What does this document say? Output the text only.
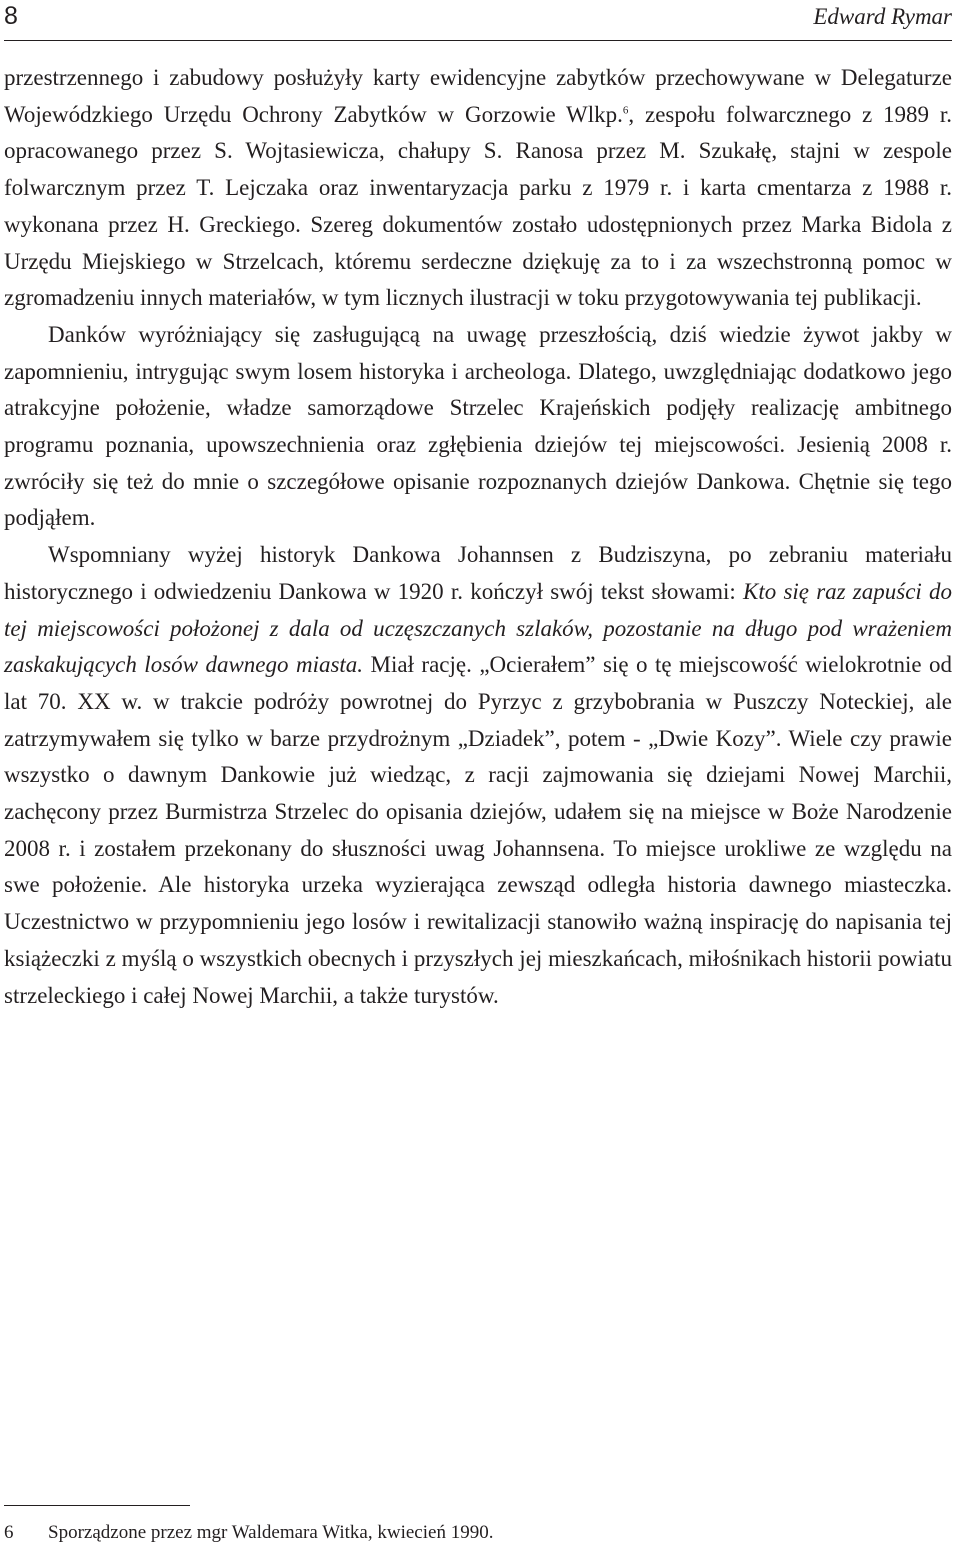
8	Edward Rymar

przestrzennego i zabudowy posłużyły karty ewidencyjne zabytków przechowywane w Delegaturze Wojewódzkiego Urzędu Ochrony Zabytków w Gorzowie Wlkp.$^6$, zespołu folwarcznego z 1989 r. opracowanego przez S. Wojtasiewicza, chałupy S. Ranosa przez M. Szukałę, stajni w zespole folwarcznym przez T. Lejczaka oraz inwentaryzacja parku z 1979 r. i karta cmentarza z 1988 r. wykonana przez H. Greckiego. Szereg dokumentów zostało udostępnionych przez Marka Bidola z Urzędu Miejskiego w Strzelcach, któremu serdeczne dziękuję za to i za wszechstronną pomoc w zgromadzeniu innych materiałów, w tym licznych ilustracji w toku przygotowywania tej publikacji.

Danków wyróżniający się zasługującą na uwagę przeszłością, dziś wiedzie żywot jakby w zapomnieniu, intrygując swym losem historyka i archeologa. Dlatego, uwzględniając dodatkowo jego atrakcyjne położenie, władze samorządowe Strzelec Krajeńskich podjęły realizację ambitnego programu poznania, upowszechnienia oraz zgłębienia dziejów tej miejscowości. Jesienią 2008 r. zwróciły się też do mnie o szczegółowe opisanie rozpoznanych dziejów Dankowa. Chętnie się tego podjąłem.

Wspomniany wyżej historyk Dankowa Johannsen z Budziszyna, po zebraniu materiału historycznego i odwiedzeniu Dankowa w 1920 r. kończył swój tekst słowami: Kto się raz zapuści do tej miejscowości położonej z dala od uczęszczanych szlaków, pozostanie na długo pod wrażeniem zaskakujących losów dawnego miasta. Miał rację. „Ocierałem” się o tę miejscowość wielokrotnie od lat 70. XX w. w trakcie podróży powrotnej do Pyrzyc z grzybobrania w Puszczy Noteckiej, ale zatrzymywałem się tylko w barze przydrożnym „Dziadek”, potem - „Dwie Kozy”. Wiele czy prawie wszystko o dawnym Dankowie już wiedząc, z racji zajmowania się dziejami Nowej Marchii, zachęcony przez Burmistrza Strzelec do opisania dziejów, udałem się na miejsce w Boże Narodzenie 2008 r. i zostałem przekonany do słuszności uwag Johannsena. To miejsce urokliwe ze względu na swe położenie. Ale historyka urzeka wyzierająca zewsząd odległa historia dawnego miasteczka. Uczestnictwo w przypomnieniu jego losów i rewitalizacji stanowiło ważną inspirację do napisania tej książeczki z myślą o wszystkich obecnych i przyszłych jej mieszkańcach, miłośnikach historii powiatu strzeleckiego i całej Nowej Marchii, a także turystów.

6 Sporządzone przez mgr Waldemara Witka, kwiecień 1990.
